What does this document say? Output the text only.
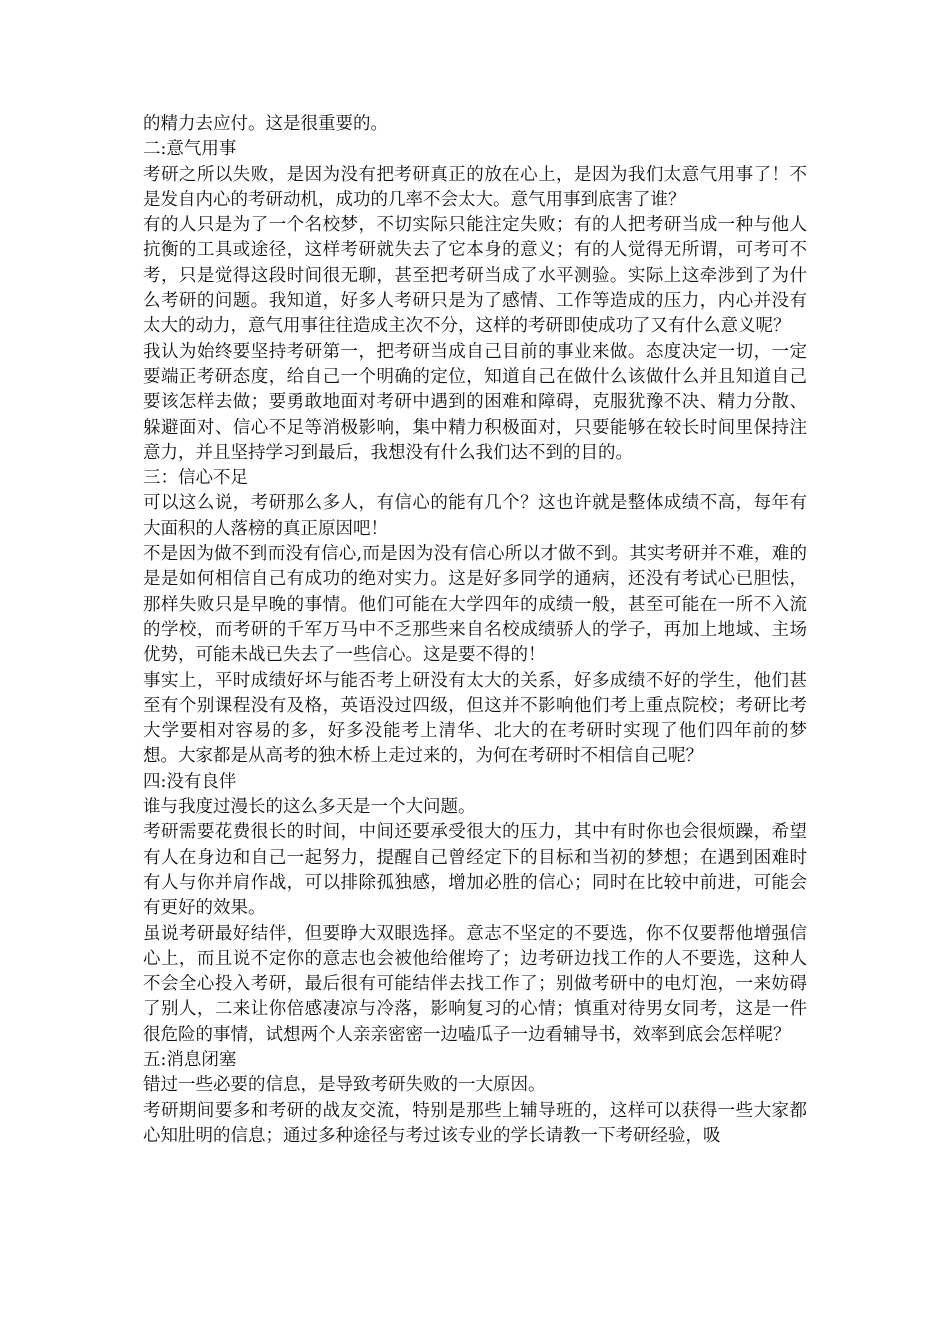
的精力去应付。这是很重要的。

二:意气用事

考研之所以失败，是因为没有把考研真正的放在心上，是因为我们太意气用事了！不是发自内心的考研动机，成功的几率不会太大。意气用事到底害了谁？

有的人只是为了一个名校梦，不切实际只能注定失败；有的人把考研当成一种与他人抗衡的工具或途径，这样考研就失去了它本身的意义；有的人觉得无所谓，可考可不考，只是觉得这段时间很无聊，甚至把考研当成了水平测验。实际上这牵涉到了为什么考研的问题。我知道，好多人考研只是为了感情、工作等造成的压力，内心并没有太大的动力，意气用事往往造成主次不分，这样的考研即使成功了又有什么意义呢？

我认为始终要坚持考研第一，把考研当成自己目前的事业来做。态度决定一切，一定要端正考研态度，给自己一个明确的定位，知道自己在做什么该做什么并且知道自己要该怎样去做；要勇敢地面对考研中遇到的困难和障碍，克服犹豫不决、精力分散、躲避面对、信心不足等消极影响，集中精力积极面对，只要能够在较长时间里保持注意力，并且坚持学习到最后，我想没有什么我们达不到的目的。

三：信心不足

可以这么说，考研那么多人，有信心的能有几个？这也许就是整体成绩不高，每年有大面积的人落榜的真正原因吧！

不是因为做不到而没有信心,而是因为没有信心所以才做不到。其实考研并不难，难的是是如何相信自己有成功的绝对实力。这是好多同学的通病，还没有考试心已胆怯，那样失败只是早晚的事情。他们可能在大学四年的成绩一般，甚至可能在一所不入流的学校，而考研的千军万马中不乏那些来自名校成绩骄人的学子，再加上地域、主场优势，可能未战已失去了一些信心。这是要不得的！

事实上，平时成绩好坏与能否考上研没有太大的关系，好多成绩不好的学生，他们甚至有个别课程没有及格，英语没过四级，但这并不影响他们考上重点院校；考研比考大学要相对容易的多，好多没能考上清华、北大的在考研时实现了他们四年前的梦想。大家都是从高考的独木桥上走过来的，为何在考研时不相信自己呢？

四:没有良伴

谁与我度过漫长的这么多天是一个大问题。

考研需要花费很长的时间，中间还要承受很大的压力，其中有时你也会很烦躁，希望有人在身边和自己一起努力，提醒自己曾经定下的目标和当初的梦想；在遇到困难时有人与你并肩作战，可以排除孤独感，增加必胜的信心；同时在比较中前进，可能会有更好的效果。

虽说考研最好结伴，但要睁大双眼选择。意志不坚定的不要选，你不仅要帮他增强信心上，而且说不定你的意志也会被他给催垮了；边考研边找工作的人不要选，这种人不会全心投入考研，最后很有可能结伴去找工作了；别做考研中的电灯泡，一来妨碍了别人，二来让你倍感凄凉与冷落，影响复习的心情；慎重对待男女同考，这是一件很危险的事情，试想两个人亲亲密密一边嗑瓜子一边看辅导书，效率到底会怎样呢？

五:消息闭塞

错过一些必要的信息，是导致考研失败的一大原因。

考研期间要多和考研的战友交流，特别是那些上辅导班的，这样可以获得一些大家都心知肚明的信息；通过多种途径与考过该专业的学长请教一下考研经验，吸
